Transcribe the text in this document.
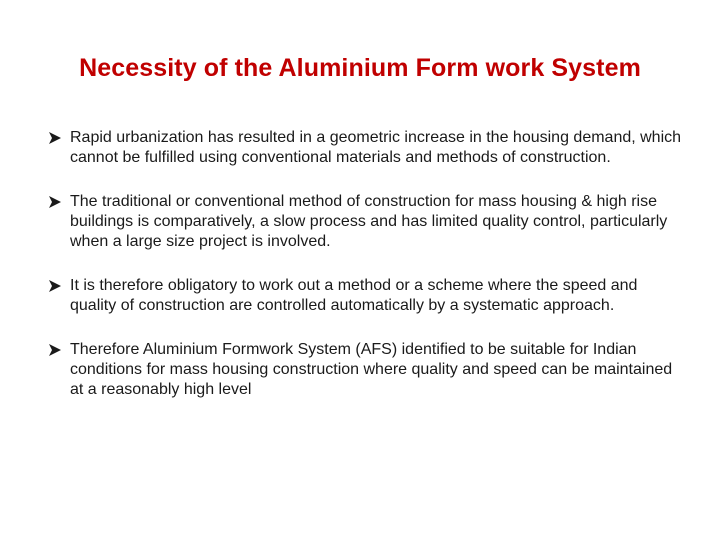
Necessity of the Aluminium Form work System
Rapid urbanization has resulted in a geometric increase in the housing demand, which cannot be fulfilled using conventional materials and methods of construction.
The traditional or conventional method of construction for mass housing & high rise buildings is comparatively, a slow process and has limited quality control, particularly when a large size project is involved.
It is therefore obligatory to work out a method or a scheme where the speed and quality of construction are controlled automatically by a systematic approach.
Therefore Aluminium Formwork System (AFS) identified to be suitable for Indian conditions for mass housing construction where quality and speed can be maintained at a reasonably high level
